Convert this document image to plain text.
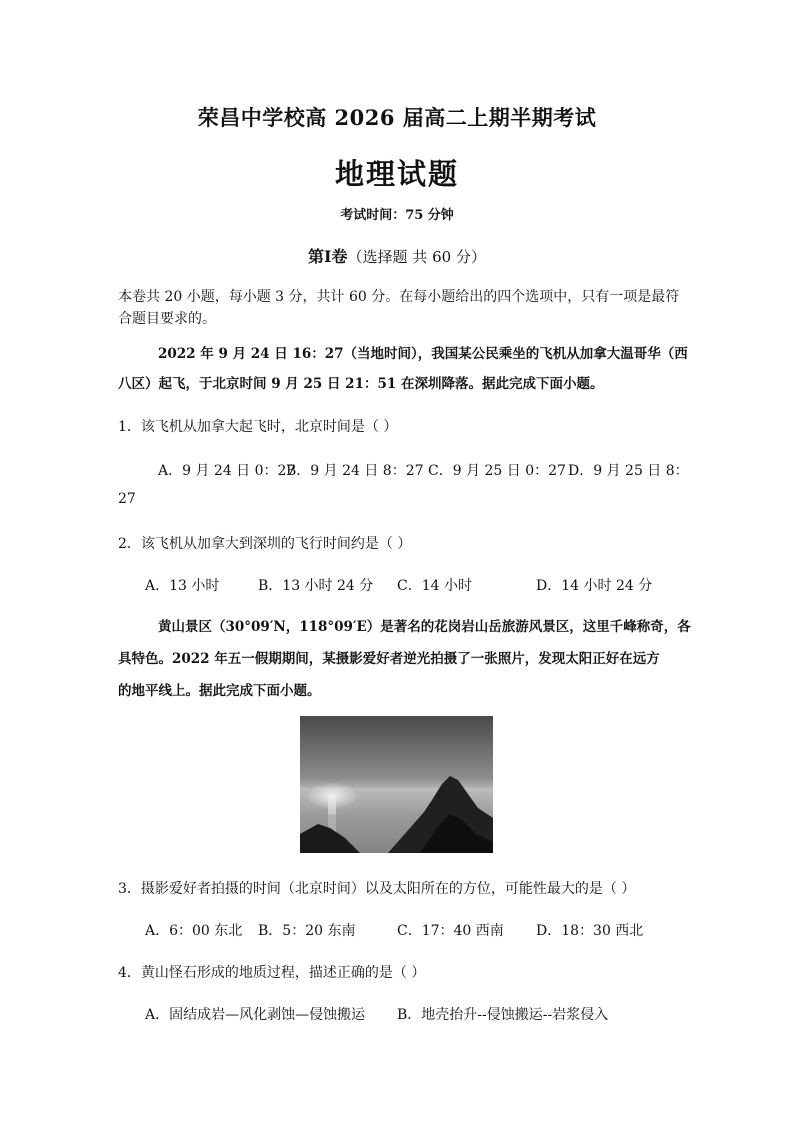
荣昌中学校高 2026 届高二上期半期考试
地理试题
考试时间：75 分钟
第Ⅰ卷（选择题 共 60 分）
本卷共 20 小题，每小题 3 分，共计 60 分。在每小题给出的四个选项中，只有一项是最符
合题目要求的。
2022 年 9 月 24 日 16：27（当地时间），我国某公民乘坐的飞机从加拿大温哥华（西
八区）起飞，于北京时间 9 月 25 日 21：51 在深圳降落。据此完成下面小题。
1．该飞机从加拿大起飞时，北京时间是（ ）
A．9 月 24 日 0：27
B．9 月 24 日 8：27 C．9 月 25 日 0：27 D．9 月 25 日 8：
27
2．该飞机从加拿大到深圳的飞行时间约是（ ）
A．13 小时	B．13 小时 24 分 C．14 小时	D．14 小时 24 分
黄山景区（30°09′N，118°09′E）是著名的花岗岩山岳旅游风景区，这里千峰称奇，各
具特色。2022 年五一假期期间，某摄影爱好者逆光拍摄了一张照片，发现太阳正好在远方
的地平线上。据此完成下面小题。
3．摄影爱好者拍摄的时间（北京时间）以及太阳所在的方位，可能性最大的是（ ）
A．6：00 东北 B．5：20 东南	C．17：40 西南 D．18：30 西北
4．黄山怪石形成的地质过程，描述正确的是（ ）
A．固结成岩—风化剥蚀—侵蚀搬运 B．地壳抬升--侵蚀搬运--岩浆侵入
